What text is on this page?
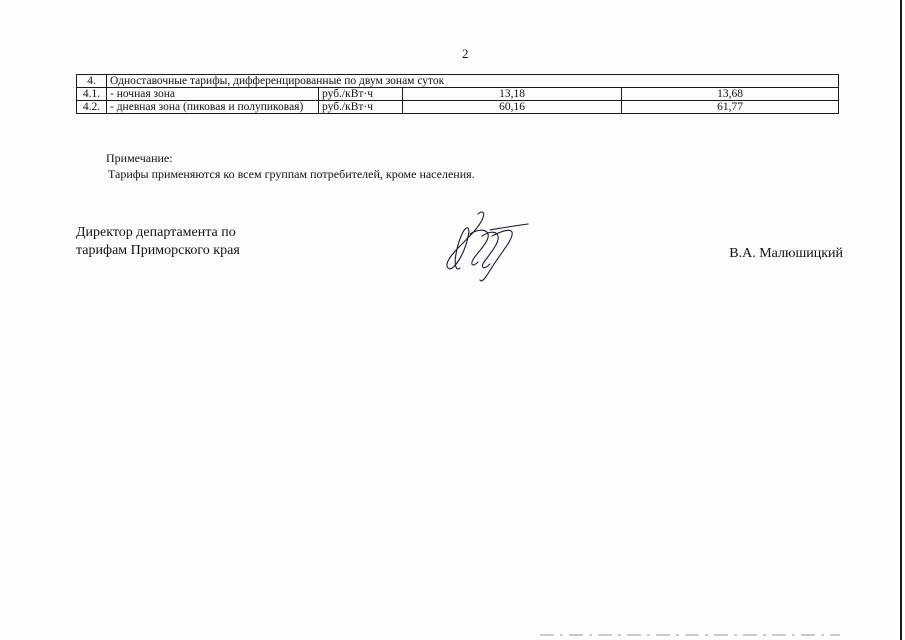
2
4.	Одноставочные тарифы, дифференцированные по двум зонам суток			
4.1.	- ночная зона	руб./кВт·ч	13,18	13,68
4.2.	- дневная зона (пиковая и полупиковая)	руб./кВт·ч	60,16	61,77
Примечание:
Тарифы применяются ко всем группам потребителей, кроме населения.
Директор департамента по
тарифам Приморского края	В.А. Малюшицкий
